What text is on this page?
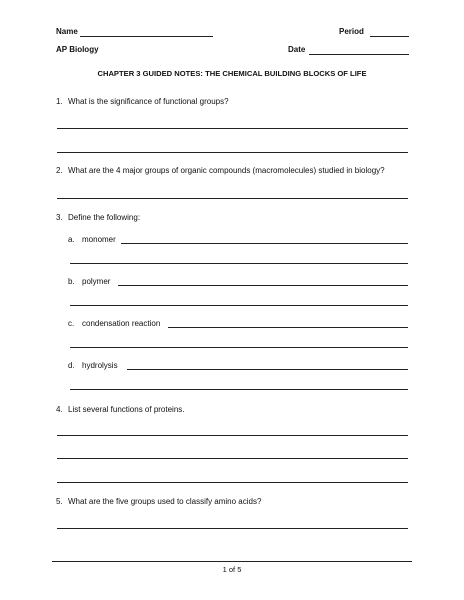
Name	Period
AP Biology	Date
CHAPTER 3 GUIDED NOTES: THE CHEMICAL BUILDING BLOCKS OF LIFE
1. What is the significance of functional groups?
2. What are the 4 major groups of organic compounds (macromolecules) studied in biology?
3. Define the following:
a. monomer
b. polymer
c. condensation reaction
d. hydrolysis
4. List several functions of proteins.
5. What are the five groups used to classify amino acids?
1 of 5
